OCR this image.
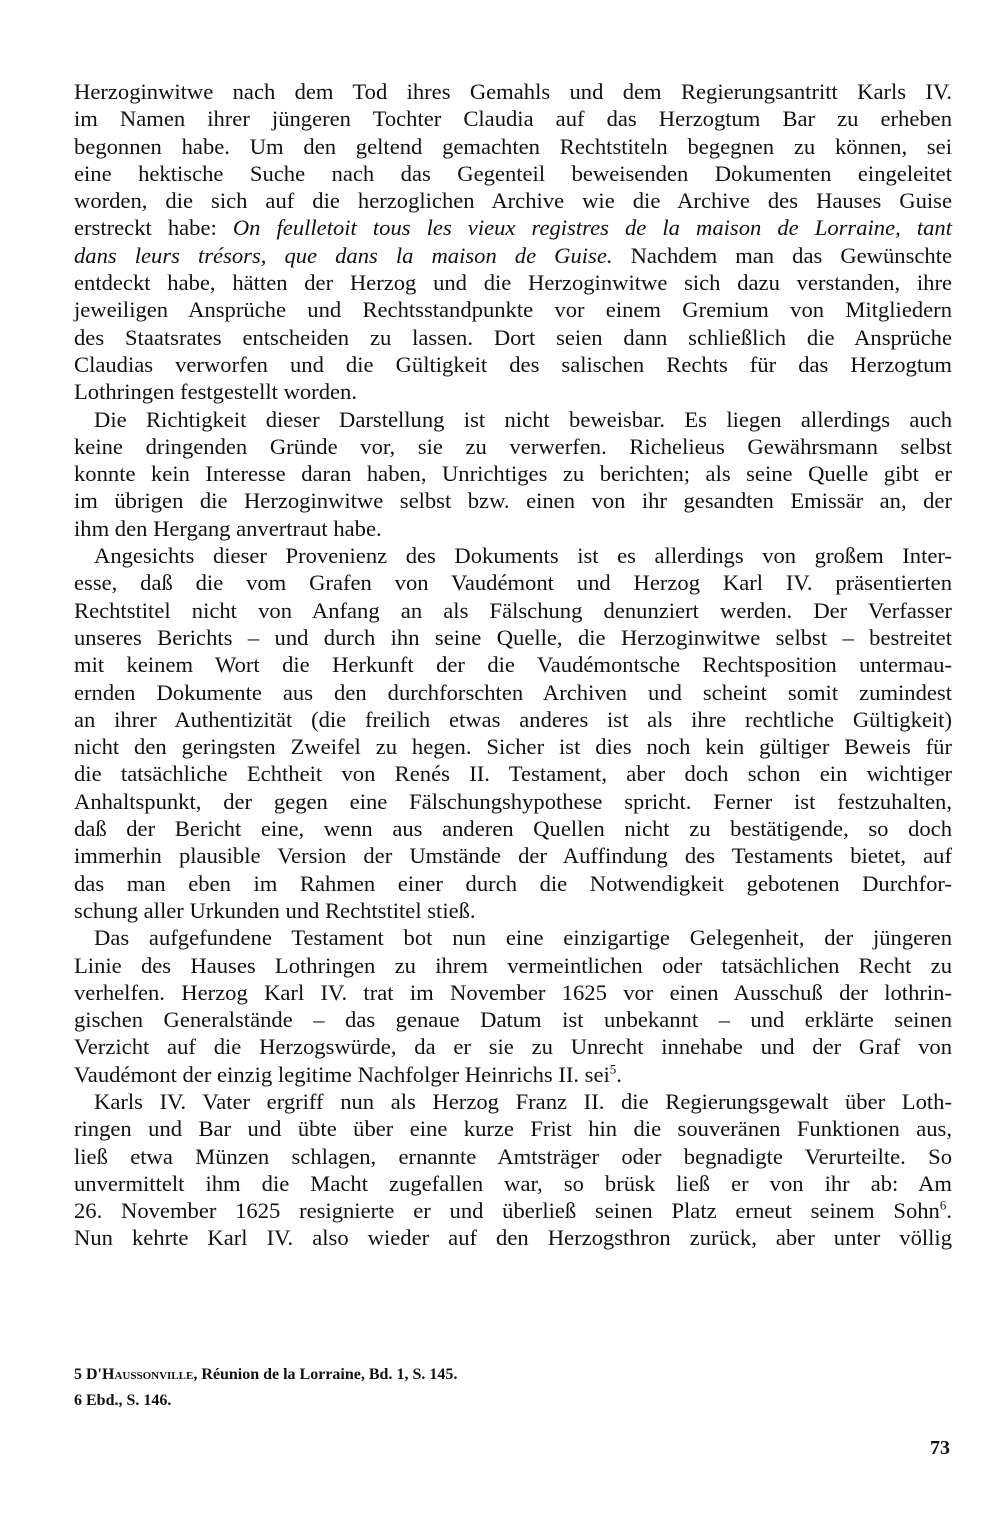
Herzoginwitwe nach dem Tod ihres Gemahls und dem Regierungsantritt Karls IV.
im Namen ihrer jüngeren Tochter Claudia auf das Herzogtum Bar zu erheben
begonnen habe. Um den geltend gemachten Rechtstiteln begegnen zu können, sei
eine hektische Suche nach das Gegenteil beweisenden Dokumenten eingeleitet
worden, die sich auf die herzoglichen Archive wie die Archive des Hauses Guise
erstreckt habe: On feulletoit tous les vieux registres de la maison de Lorraine, tant
dans leurs trésors, que dans la maison de Guise. Nachdem man das Gewünschte
entdeckt habe, hätten der Herzog und die Herzoginwitwe sich dazu verstanden, ihre
jeweiligen Ansprüche und Rechtsstandpunkte vor einem Gremium von Mitgliedern
des Staatsrates entscheiden zu lassen. Dort seien dann schließlich die Ansprüche
Claudias verworfen und die Gültigkeit des salischen Rechts für das Herzogtum
Lothringen festgestellt worden.
Die Richtigkeit dieser Darstellung ist nicht beweisbar. Es liegen allerdings auch
keine dringenden Gründe vor, sie zu verwerfen. Richelieus Gewährsmann selbst
konnte kein Interesse daran haben, Unrichtiges zu berichten; als seine Quelle gibt er
im übrigen die Herzoginwitwe selbst bzw. einen von ihr gesandten Emissär an, der
ihm den Hergang anvertraut habe.
Angesichts dieser Provenienz des Dokuments ist es allerdings von großem Inter-
esse, daß die vom Grafen von Vaudémont und Herzog Karl IV. präsentierten
Rechtstitel nicht von Anfang an als Fälschung denunziert werden. Der Verfasser
unseres Berichts – und durch ihn seine Quelle, die Herzoginwitwe selbst – bestreitet
mit keinem Wort die Herkunft der die Vaudémontsche Rechtsposition untermau-
ernden Dokumente aus den durchforschten Archiven und scheint somit zumindest
an ihrer Authentizität (die freilich etwas anderes ist als ihre rechtliche Gültigkeit)
nicht den geringsten Zweifel zu hegen. Sicher ist dies noch kein gültiger Beweis für
die tatsächliche Echtheit von Renés II. Testament, aber doch schon ein wichtiger
Anhaltspunkt, der gegen eine Fälschungshypothese spricht. Ferner ist festzuhalten,
daß der Bericht eine, wenn aus anderen Quellen nicht zu bestätigende, so doch
immerhin plausible Version der Umstände der Auffindung des Testaments bietet, auf
das man eben im Rahmen einer durch die Notwendigkeit gebotenen Durchfor-
schung aller Urkunden und Rechtstitel stieß.
Das aufgefundene Testament bot nun eine einzigartige Gelegenheit, der jüngeren
Linie des Hauses Lothringen zu ihrem vermeintlichen oder tatsächlichen Recht zu
verhelfen. Herzog Karl IV. trat im November 1625 vor einen Ausschuß der lothrin-
gischen Generalstände – das genaue Datum ist unbekannt – und erklärte seinen
Verzicht auf die Herzogswürde, da er sie zu Unrecht innehabe und der Graf von
Vaudémont der einzig legitime Nachfolger Heinrichs II. sei$^5$.
Karls IV. Vater ergriff nun als Herzog Franz II. die Regierungsgewalt über Loth-
ringen und Bar und übte über eine kurze Frist hin die souveränen Funktionen aus,
ließ etwa Münzen schlagen, ernannte Amtsträger oder begnadigte Verurteilte. So
unvermittelt ihm die Macht zugefallen war, so brüsk ließ er von ihr ab: Am
26. November 1625 resignierte er und überließ seinen Platz erneut seinem Sohn$^6$.
Nun kehrte Karl IV. also wieder auf den Herzogsthron zurück, aber unter völlig
5 D'Haussonville, Réunion de la Lorraine, Bd. 1, S. 145.
6 Ebd., S. 146.
73
